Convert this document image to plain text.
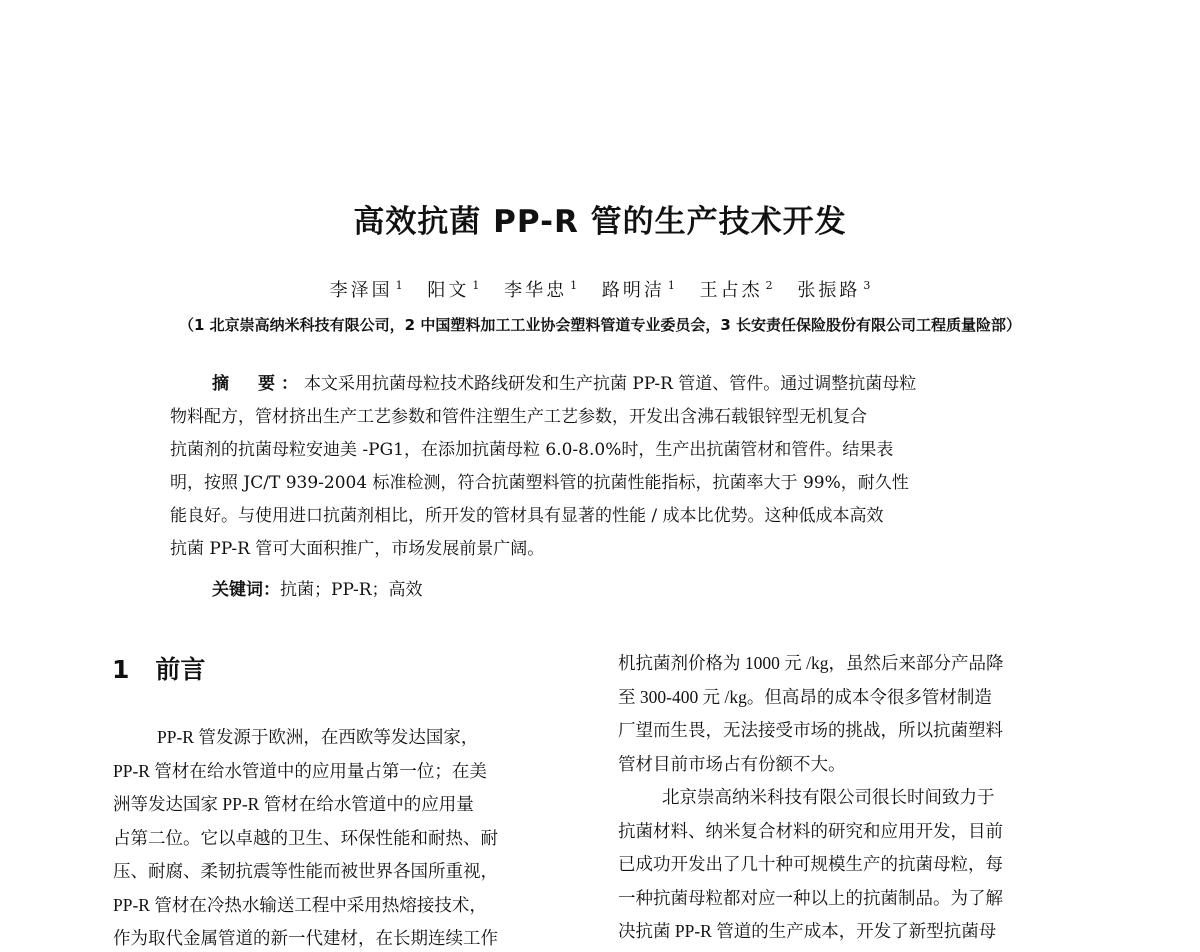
高效抗菌 PP-R 管的生产技术开发
李泽国 $^1$ 阳文 $^1$ 李华忠 $^1$ 路明洁 $^1$ 王占杰 $^2$ 张振路 $^3$
（1 北京崇高纳米科技有限公司，2 中国塑料加工工业协会塑料管道专业委员会，3 长安责任保险股份有限公司工程质量险部）
摘　要：本文采用抗菌母粒技术路线研发和生产抗菌 PP-R 管道、管件。通过调整抗菌母粒
物料配方，管材挤出生产工艺参数和管件注塑生产工艺参数，开发出含沸石载银锌型无机复合
抗菌剂的抗菌母粒安迪美 -PG1，在添加抗菌母粒 6.0-8.0%时，生产出抗菌管材和管件。结果表
明，按照 JC/T 939-2004 标准检测，符合抗菌塑料管的抗菌性能指标，抗菌率大于 99%，耐久性
能良好。与使用进口抗菌剂相比，所开发的管材具有显著的性能 / 成本比优势。这种低成本高效
抗菌 PP-R 管可大面积推广，市场发展前景广阔。
关键词：抗菌；PP-R；高效
1 前言
PP-R 管发源于欧洲，在西欧等发达国家，
PP-R 管材在给水管道中的应用量占第一位；在美
洲等发达国家 PP-R 管材在给水管道中的应用量
占第二位。它以卓越的卫生、环保性能和耐热、耐
压、耐腐、柔韧抗震等性能而被世界各国所重视，
PP-R 管材在冷热水输送工程中采用热熔接技术，
作为取代金属管道的新一代建材，在长期连续工作
机抗菌剂价格为 1000 元 /kg，虽然后来部分产品降
至 300-400 元 /kg。但高昂的成本令很多管材制造
厂望而生畏，无法接受市场的挑战，所以抗菌塑料
管材目前市场占有份额不大。
北京崇高纳米科技有限公司很长时间致力于
抗菌材料、纳米复合材料的研究和应用开发，目前
已成功开发出了几十种可规模生产的抗菌母粒，每
一种抗菌母粒都对应一种以上的抗菌制品。为了解
决抗菌 PP-R 管道的生产成本，开发了新型抗菌母
